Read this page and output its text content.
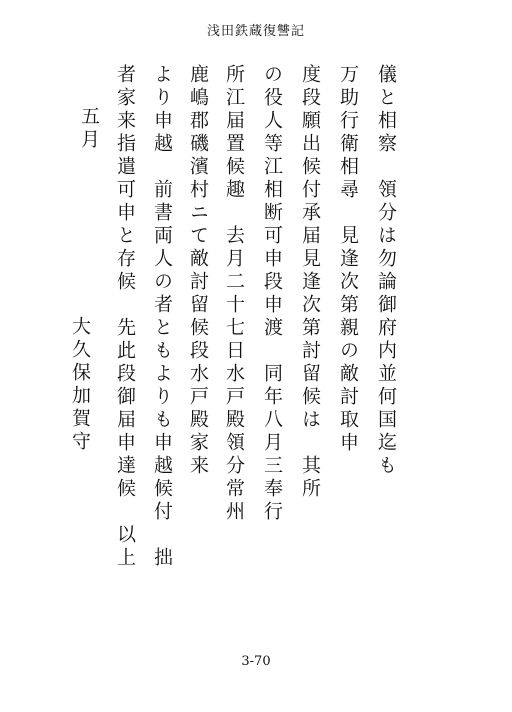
浅田鉄蔵復讐記
儀と相察　領分は勿論御府内並何国迄も
万助行衛相尋　見逢次第親の敵討取申
度段願出候付承届見逢次第討留候は　其所
の役人等江相断可申段申渡　同年八月三奉行
所江届置候趣　去月二十七日水戸殿領分常州
鹿嶋郡磯濱村ニて敵討留候段水戸殿家来
より申越　前書両人の者ともよりも申越候付　拙
者家来指遣可申と存候　先此段御届申達候　以上
五月
大久保加賀守
3-70
